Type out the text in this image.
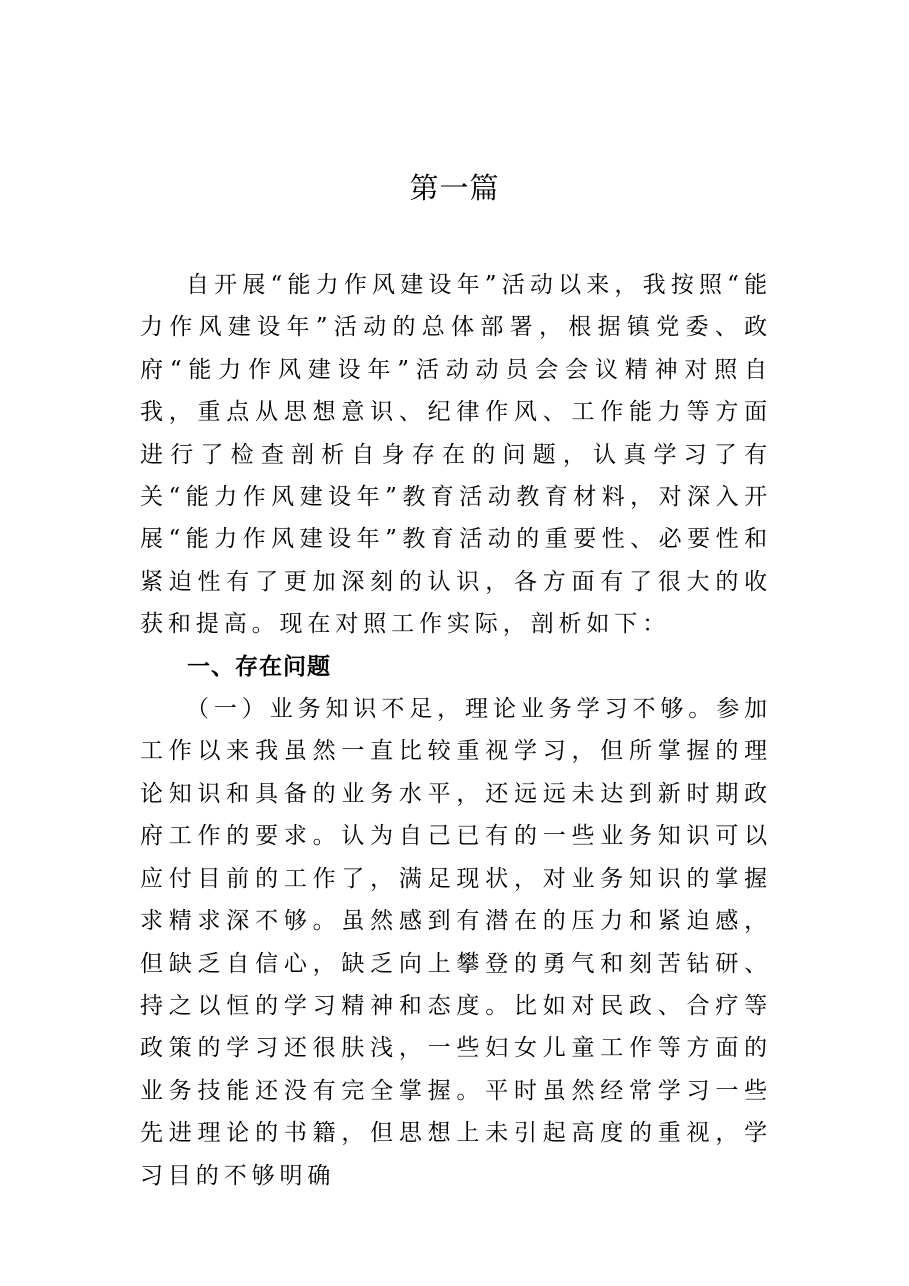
第一篇

自开展“能力作风建设年”活动以来，我按照“能力作风建设年”活动的总体部署，根据镇党委、政府“能力作风建设年”活动动员会会议精神对照自我，重点从思想意识、纪律作风、工作能力等方面进行了检查剖析自身存在的问题，认真学习了有关“能力作风建设年”教育活动教育材料，对深入开展“能力作风建设年”教育活动的重要性、必要性和紧迫性有了更加深刻的认识，各方面有了很大的收获和提高。现在对照工作实际，剖析如下：

一、存在问题

（一）业务知识不足，理论业务学习不够。参加工作以来我虽然一直比较重视学习，但所掌握的理论知识和具备的业务水平，还远远未达到新时期政府工作的要求。认为自己已有的一些业务知识可以应付目前的工作了，满足现状，对业务知识的掌握求精求深不够。虽然感到有潜在的压力和紧迫感，但缺乏自信心，缺乏向上攀登的勇气和刻苦钻研、持之以恒的学习精神和态度。比如对民政、合疗等政策的学习还很肤浅，一些妇女儿童工作等方面的业务技能还没有完全掌握。平时虽然经常学习一些先进理论的书籍，但思想上未引起高度的重视，学习目的不够明确
